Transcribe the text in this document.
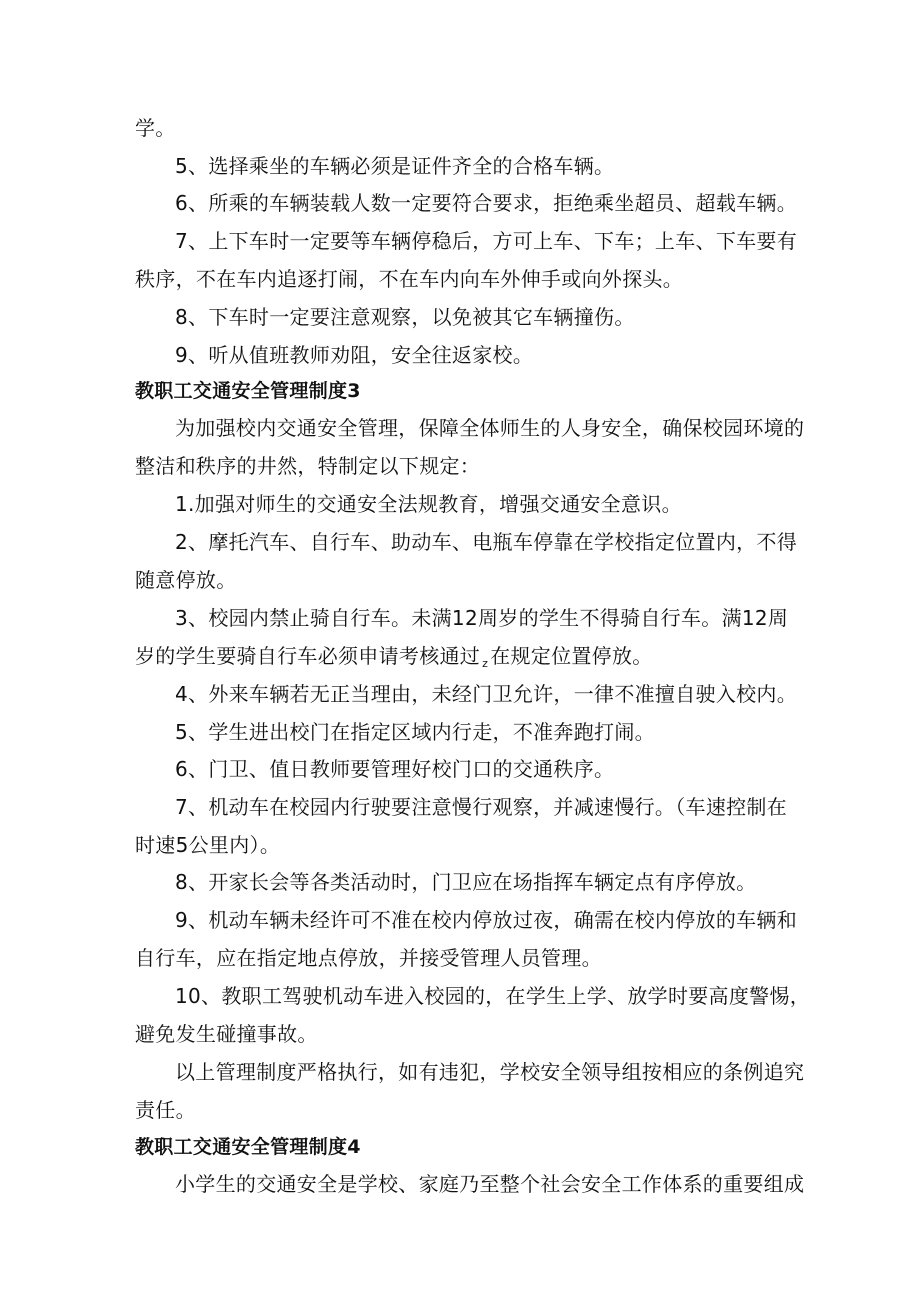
学。
5、选择乘坐的车辆必须是证件齐全的合格车辆。
6、所乘的车辆装载人数一定要符合要求，拒绝乘坐超员、超载车辆。
7、上下车时一定要等车辆停稳后，方可上车、下车；上车、下车要有
秩序，不在车内追逐打闹，不在车内向车外伸手或向外探头。
8、下车时一定要注意观察，以免被其它车辆撞伤。
9、听从值班教师劝阻，安全往返家校。
教职工交通安全管理制度3
为加强校内交通安全管理，保障全体师生的人身安全，确保校园环境的
整洁和秩序的井然，特制定以下规定：
1.加强对师生的交通安全法规教育，增强交通安全意识。
2、摩托汽车、自行车、助动车、电瓶车停靠在学校指定位置内，不得
随意停放。
3、校园内禁止骑自行车。未满12周岁的学生不得骑自行车。满12周
岁的学生要骑自行车必须申请考核通过 $_z$ 在规定位置停放。
4、外来车辆若无正当理由，未经门卫允许，一律不准擅自驶入校内。
5、学生进出校门在指定区域内行走，不准奔跑打闹。
6、门卫、值日教师要管理好校门口的交通秩序。
7、机动车在校园内行驶要注意慢行观察，并减速慢行。（车速控制在
时速5公里内）。
8、开家长会等各类活动时，门卫应在场指挥车辆定点有序停放。
9、机动车辆未经许可不准在校内停放过夜，确需在校内停放的车辆和
自行车，应在指定地点停放，并接受管理人员管理。
10、教职工驾驶机动车进入校园的，在学生上学、放学时要高度警惕，
避免发生碰撞事故。
以上管理制度严格执行，如有违犯，学校安全领导组按相应的条例追究
责任。
教职工交通安全管理制度4
小学生的交通安全是学校、家庭乃至整个社会安全工作体系的重要组成
